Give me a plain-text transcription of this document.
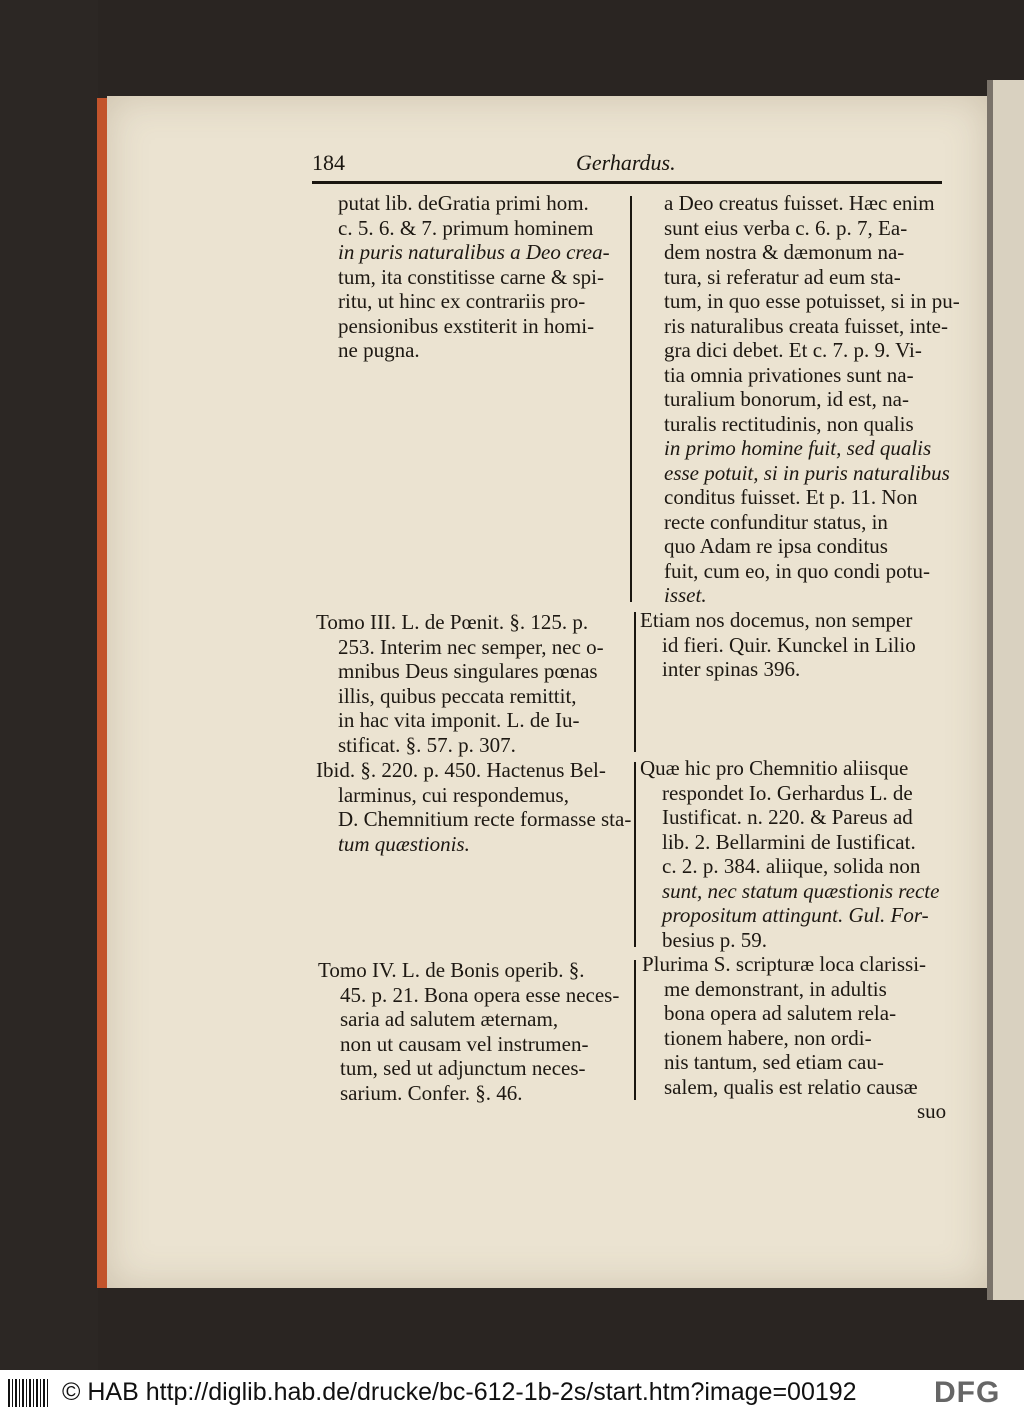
184	Gerhardus.
putat lib. deGratia primi hom.
c. 5. 6. & 7. primum hominem
in puris naturalibus a Deo crea-
tum, ita constitisse carne & spi-
ritu, ut hinc ex contrariis pro-
pensionibus exstiterit in homi-
ne pugna.
a Deo creatus fuisset. Hæc enim
sunt eius verba c. 6. p. 7, Ea-
dem nostra & dæmonum na-
tura, si referatur ad eum sta-
tum, in quo esse potuisset, si in pu-
ris naturalibus creata fuisset, inte-
gra dici debet. Et c. 7. p. 9. Vi-
tia omnia privationes sunt na-
turalium bonorum, id est, na-
turalis rectitudinis, non qualis
in primo homine fuit, sed qualis
esse potuit, si in puris naturalibus
conditus fuisset. Et p. 11. Non
recte confunditur status, in
quo Adam re ipsa conditus
fuit, cum eo, in quo condi potu-
isset.
Tomo III. L. de Pœnit. §. 125. p.
253. Interim nec semper, nec o-
mnibus Deus singulares pœnas
illis, quibus peccata remittit,
in hac vita imponit. L. de Iu-
stificat. §. 57. p. 307.
Etiam nos docemus, non semper
id fieri. Quir. Kunckel in Lilio
inter spinas 396.
Ibid. §. 220. p. 450. Hactenus Bel-
larminus, cui respondemus,
D. Chemnitium recte formasse sta-
tum quæstionis.
Quæ hic pro Chemnitio aliisque
respondet Io. Gerhardus L. de
Iustificat. n. 220. & Pareus ad
lib. 2. Bellarmini de Iustificat.
c. 2. p. 384. aliique, solida non
sunt, nec statum quæstionis recte
propositum attingunt. Gul. For-
besius p. 59.
Tomo IV. L. de Bonis operib. §.
45. p. 21. Bona opera esse neces-
saria ad salutem æternam,
non ut causam vel instrumen-
tum, sed ut adjunctum neces-
sarium. Confer. §. 46.
Plurima S. scripturæ loca clarissi-
me demonstrant, in adultis
bona opera ad salutem rela-
tionem habere, non ordi-
nis tantum, sed etiam cau-
salem, qualis est relatio causæ
suo
© HAB http://diglib.hab.de/drucke/bc-612-1b-2s/start.htm?image=00192	DFG
